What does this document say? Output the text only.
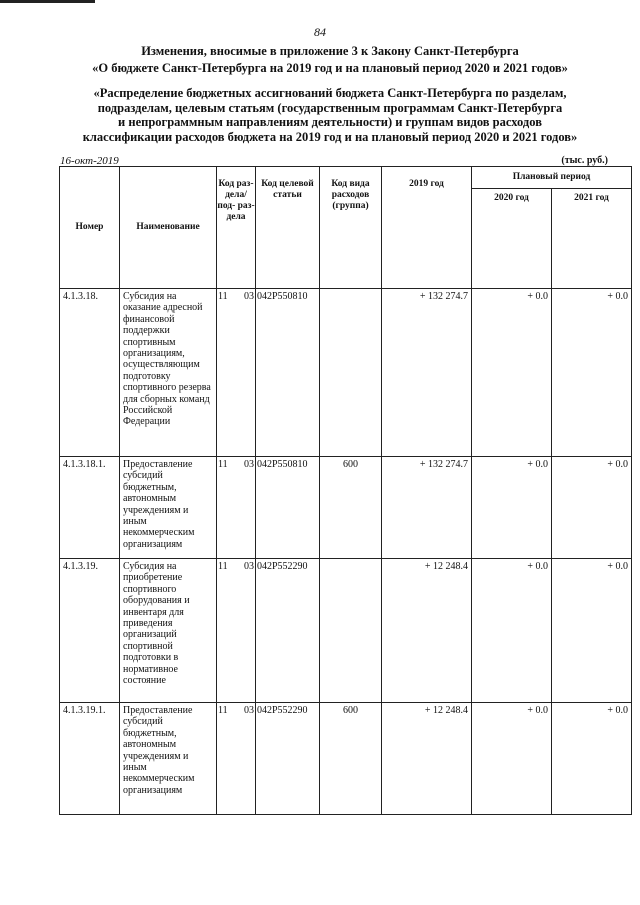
84
Изменения, вносимые в приложение 3 к Закону Санкт-Петербурга
«О бюджете Санкт-Петербурга на 2019 год и на плановый период 2020 и 2021 годов»
«Распределение бюджетных ассигнований бюджета Санкт-Петербурга по разделам,
подразделам, целевым статьям (государственным программам Санкт-Петербурга
и непрограммным направлениям деятельности) и группам видов расходов
классификации расходов бюджета на 2019 год и на плановый период 2020 и 2021 годов»
16-окт-2019	(тыс. руб.)
Номер	Наименование	Код раз- дела/ под- раз- дела	Код целевой статьи	Код вида расходов (группа)	2019 год	Плановый период	
						2020 год	2021 год
4.1.3.18.	Субсидия на оказание адресной финансовой поддержки спортивным организациям, осуществляющим подготовку спортивного резерва для сборных команд Российской Федерации	11 03	042P550810		+ 132 274.7	+ 0.0	+ 0.0
4.1.3.18.1.	Предоставление субсидий бюджетным, автономным учреждениям и иным некоммерческим организациям	11 03	042P550810	600	+ 132 274.7	+ 0.0	+ 0.0
4.1.3.19.	Субсидия на приобретение спортивного оборудования и инвентаря для приведения организаций спортивной подготовки в нормативное состояние	11 03	042P552290		+ 12 248.4	+ 0.0	+ 0.0
4.1.3.19.1.	Предоставление субсидий бюджетным, автономным учреждениям и иным некоммерческим организациям	11 03	042P552290	600	+ 12 248.4	+ 0.0	+ 0.0
